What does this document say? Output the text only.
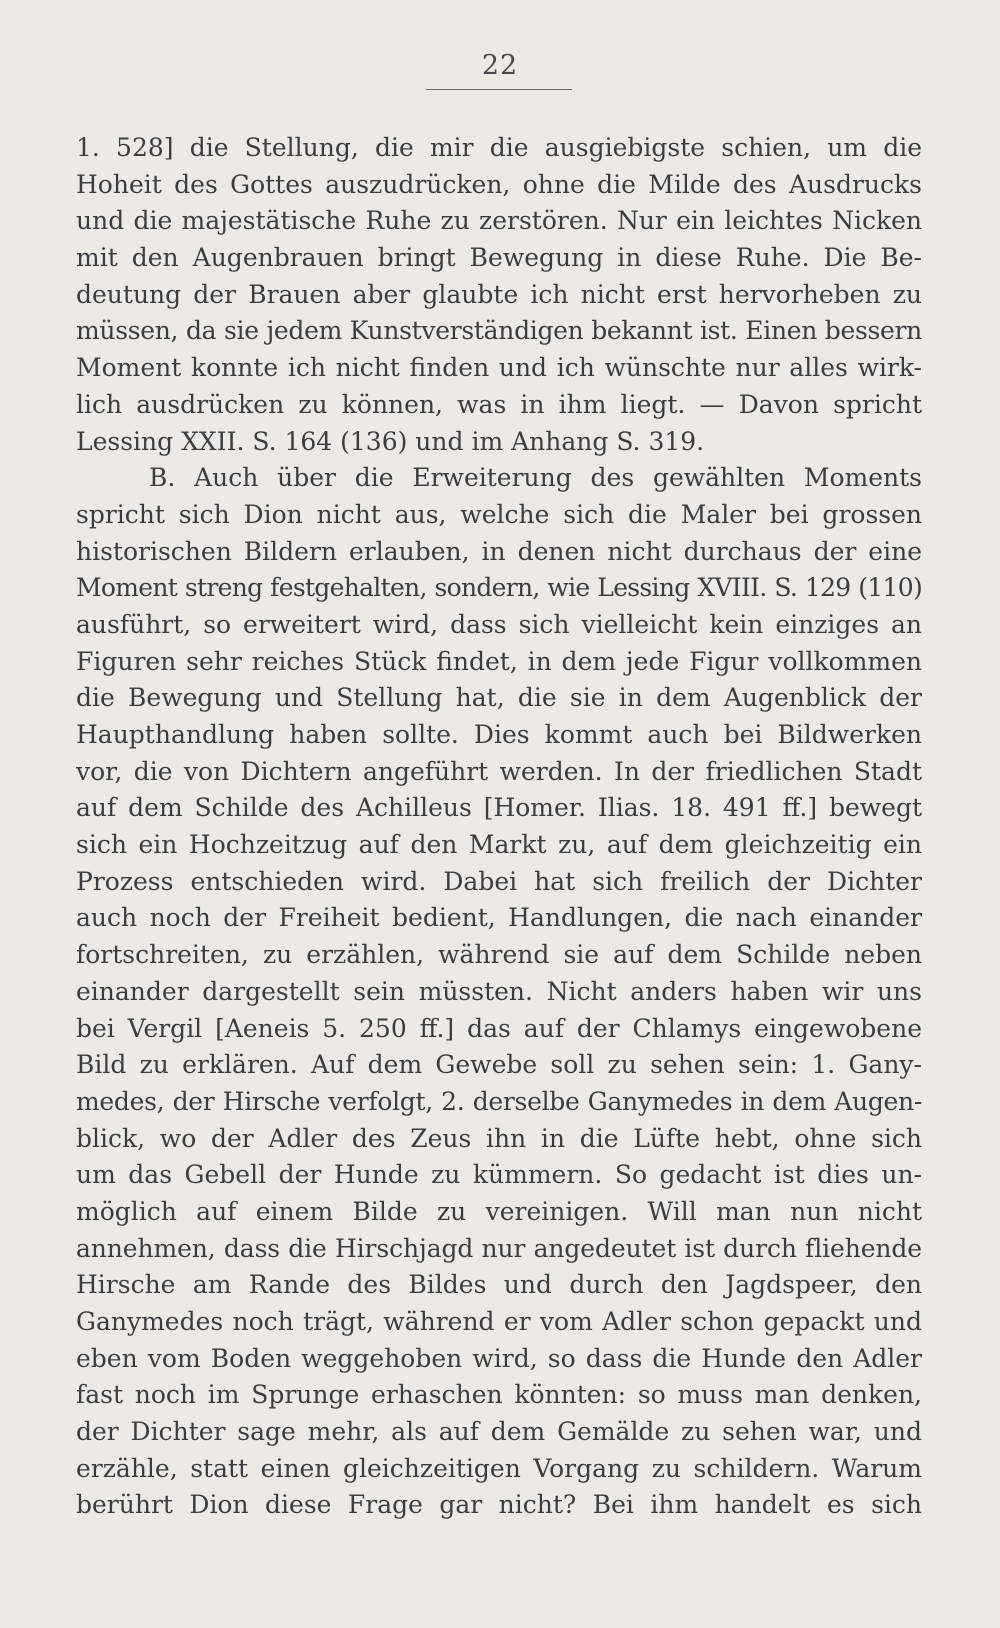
22
1. 528] die Stellung, die mir die ausgiebigste schien, um die
Hoheit des Gottes auszudrücken, ohne die Milde des Ausdrucks
und die majestätische Ruhe zu zerstören. Nur ein leichtes Nicken
mit den Augenbrauen bringt Bewegung in diese Ruhe. Die Be-
deutung der Brauen aber glaubte ich nicht erst hervorheben zu
müssen, da sie jedem Kunstverständigen bekannt ist. Einen bessern
Moment konnte ich nicht finden und ich wünschte nur alles wirk-
lich ausdrücken zu können, was in ihm liegt. — Davon spricht
Lessing XXII. S. 164 (136) und im Anhang S. 319.
B. Auch über die Erweiterung des gewählten Moments
spricht sich Dion nicht aus, welche sich die Maler bei grossen
historischen Bildern erlauben, in denen nicht durchaus der eine
Moment streng festgehalten, sondern, wie Lessing XVIII. S. 129 (110)
ausführt, so erweitert wird, dass sich vielleicht kein einziges an
Figuren sehr reiches Stück findet, in dem jede Figur vollkommen
die Bewegung und Stellung hat, die sie in dem Augenblick der
Haupthandlung haben sollte. Dies kommt auch bei Bildwerken
vor, die von Dichtern angeführt werden. In der friedlichen Stadt
auf dem Schilde des Achilleus [Homer. Ilias. 18. 491 ff.] bewegt
sich ein Hochzeitzug auf den Markt zu, auf dem gleichzeitig ein
Prozess entschieden wird. Dabei hat sich freilich der Dichter
auch noch der Freiheit bedient, Handlungen, die nach einander
fortschreiten, zu erzählen, während sie auf dem Schilde neben
einander dargestellt sein müssten. Nicht anders haben wir uns
bei Vergil [Aeneis 5. 250 ff.] das auf der Chlamys eingewobene
Bild zu erklären. Auf dem Gewebe soll zu sehen sein: 1. Gany-
medes, der Hirsche verfolgt, 2. derselbe Ganymedes in dem Augen-
blick, wo der Adler des Zeus ihn in die Lüfte hebt, ohne sich
um das Gebell der Hunde zu kümmern. So gedacht ist dies un-
möglich auf einem Bilde zu vereinigen. Will man nun nicht
annehmen, dass die Hirschjagd nur angedeutet ist durch fliehende
Hirsche am Rande des Bildes und durch den Jagdspeer, den
Ganymedes noch trägt, während er vom Adler schon gepackt und
eben vom Boden weggehoben wird, so dass die Hunde den Adler
fast noch im Sprunge erhaschen könnten: so muss man denken,
der Dichter sage mehr, als auf dem Gemälde zu sehen war, und
erzähle, statt einen gleichzeitigen Vorgang zu schildern. Warum
berührt Dion diese Frage gar nicht? Bei ihm handelt es sich
